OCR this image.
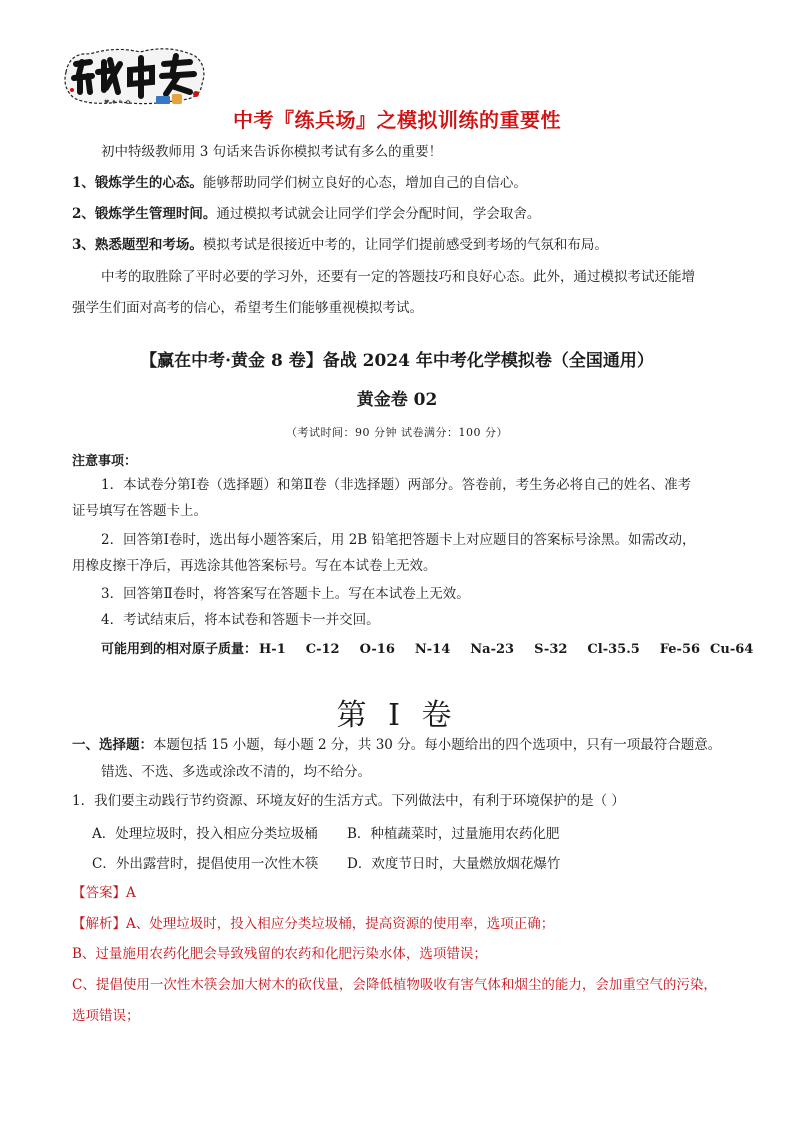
♥ ♦ ✎ ✿
中考『练兵场』之模拟训练的重要性
初中特级教师用 3 句话来告诉你模拟考试有多么的重要！
1、锻炼学生的心态。能够帮助同学们树立良好的心态，增加自己的自信心。
2、锻炼学生管理时间。通过模拟考试就会让同学们学会分配时间，学会取舍。
3、熟悉题型和考场。模拟考试是很接近中考的，让同学们提前感受到考场的气氛和布局。
中考的取胜除了平时必要的学习外，还要有一定的答题技巧和良好心态。此外，通过模拟考试还能增
强学生们面对高考的信心，希望考生们能够重视模拟考试。
【赢在中考·黄金 8 卷】备战 2024 年中考化学模拟卷（全国通用）
黄金卷 02
（考试时间：90 分钟 试卷满分：100 分）
注意事项：
1．本试卷分第Ⅰ卷（选择题）和第Ⅱ卷（非选择题）两部分。答卷前，考生务必将自己的姓名、准考
证号填写在答题卡上。
2．回答第Ⅰ卷时，选出每小题答案后，用 2B 铅笔把答题卡上对应题目的答案标号涂黑。如需改动，
用橡皮擦干净后，再选涂其他答案标号。写在本试卷上无效。
3．回答第Ⅱ卷时，将答案写在答题卡上。写在本试卷上无效。
4．考试结束后，将本试卷和答题卡一并交回。
可能用到的相对原子质量： H-1 C-12 O-16 N-14 Na-23 S-32 Cl-35.5 Fe-56 Cu-64
第 I 卷
一、选择题：本题包括 15 小题，每小题 2 分，共 30 分。每小题给出的四个选项中，只有一项最符合题意。
错选、不选、多选或涂改不清的，均不给分。
1．我们要主动践行节约资源、环境友好的生活方式。下列做法中，有利于环境保护的是（ ）
A．处理垃圾时，投入相应分类垃圾桶 B．种植蔬菜时，过量施用农药化肥
C．外出露营时，提倡使用一次性木筷 D．欢度节日时，大量燃放烟花爆竹
【答案】A
【解析】A、处理垃圾时，投入相应分类垃圾桶，提高资源的使用率，选项正确；
B、过量施用农药化肥会导致残留的农药和化肥污染水体，选项错误；
C、提倡使用一次性木筷会加大树木的砍伐量，会降低植物吸收有害气体和烟尘的能力，会加重空气的污染，
选项错误；
